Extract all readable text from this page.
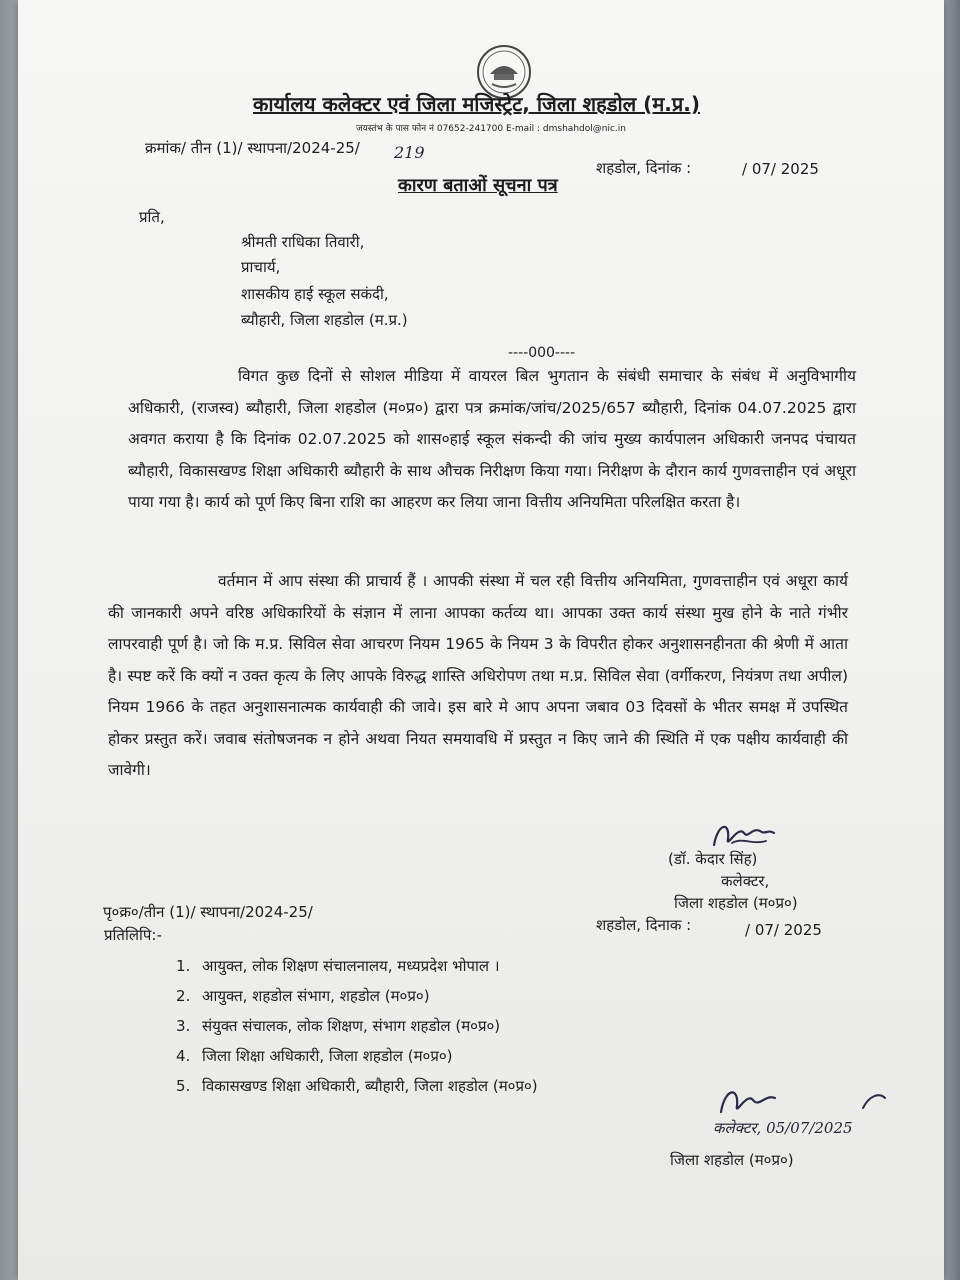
कार्यालय कलेक्टर एवं जिला मजिस्ट्रेट, जिला शहडोल (म.प्र.)
जयस्तंभ के पास फोन नं 07652-241700 E-mail : dmshahdol@nic.in
क्रमांक/ तीन (1)/ स्थापना/2024-25/ 219
शहडोल, दिनांक :	/ 07/ 2025
कारण बताओं सूचना पत्र
प्रति,
श्रीमती राधिका तिवारी,
प्राचार्य,
शासकीय हाई स्कूल सकंदी,
ब्यौहारी, जिला शहडोल (म.प्र.)
----000----
विगत कुछ दिनों से सोशल मीडिया में वायरल बिल भुगतान के संबंधी समाचार के संबंध में अनुविभागीय अधिकारी, (राजस्व) ब्यौहारी, जिला शहडोल (म०प्र०) द्वारा पत्र क्रमांक/जांच/2025/657 ब्यौहारी, दिनांक 04.07.2025 द्वारा अवगत कराया है कि दिनांक 02.07.2025 को शास०हाई स्कूल संकन्दी की जांच मुख्य कार्यपालन अधिकारी जनपद पंचायत ब्यौहारी, विकासखण्ड शिक्षा अधिकारी ब्यौहारी के साथ औचक निरीक्षण किया गया। निरीक्षण के दौरान कार्य गुणवत्ताहीन एवं अधूरा पाया गया है। कार्य को पूर्ण किए बिना राशि का आहरण कर लिया जाना वित्तीय अनियमिता परिलक्षित करता है।
वर्तमान में आप संस्था की प्राचार्य हैं । आपकी संस्था में चल रही वित्तीय अनियमिता, गुणवत्ताहीन एवं अधूरा कार्य की जानकारी अपने वरिष्ठ अधिकारियों के संज्ञान में लाना आपका कर्तव्य था। आपका उक्त कार्य संस्था मुख होने के नाते गंभीर लापरवाही पूर्ण है। जो कि म.प्र. सिविल सेवा आचरण नियम 1965 के नियम 3 के विपरीत होकर अनुशासनहीनता की श्रेणी में आता है। स्पष्ट करें कि क्यों न उक्त कृत्य के लिए आपके विरुद्ध शास्ति अधिरोपण तथा म.प्र. सिविल सेवा (वर्गीकरण, नियंत्रण तथा अपील) नियम 1966 के तहत अनुशासनात्मक कार्यवाही की जावे। इस बारे मे आप अपना जबाव 03 दिवसों के भीतर समक्ष में उपस्थित होकर प्रस्तुत करें। जवाब संतोषजनक न होने अथवा नियत समयावधि में प्रस्तुत न किए जाने की स्थिति में एक पक्षीय कार्यवाही की जावेगी।
(डॉ. केदार सिंह)
कलेक्टर,
जिला शहडोल (म०प्र०)
पृ०क्र०/तीन (1)/ स्थापना/2024-25/
प्रतिलिपि:-
शहडोल, दिनाक :	/ 07/ 2025
1. आयुक्त, लोक शिक्षण संचालनालय, मध्यप्रदेश भोपाल ।
2. आयुक्त, शहडोल संभाग, शहडोल (म०प्र०)
3. संयुक्त संचालक, लोक शिक्षण, संभाग शहडोल (म०प्र०)
4. जिला शिक्षा अधिकारी, जिला शहडोल (म०प्र०)
5. विकासखण्ड शिक्षा अधिकारी, ब्यौहारी, जिला शहडोल (म०प्र०)
कलेक्टर, 05/07/2025
जिला शहडोल (म०प्र०)
